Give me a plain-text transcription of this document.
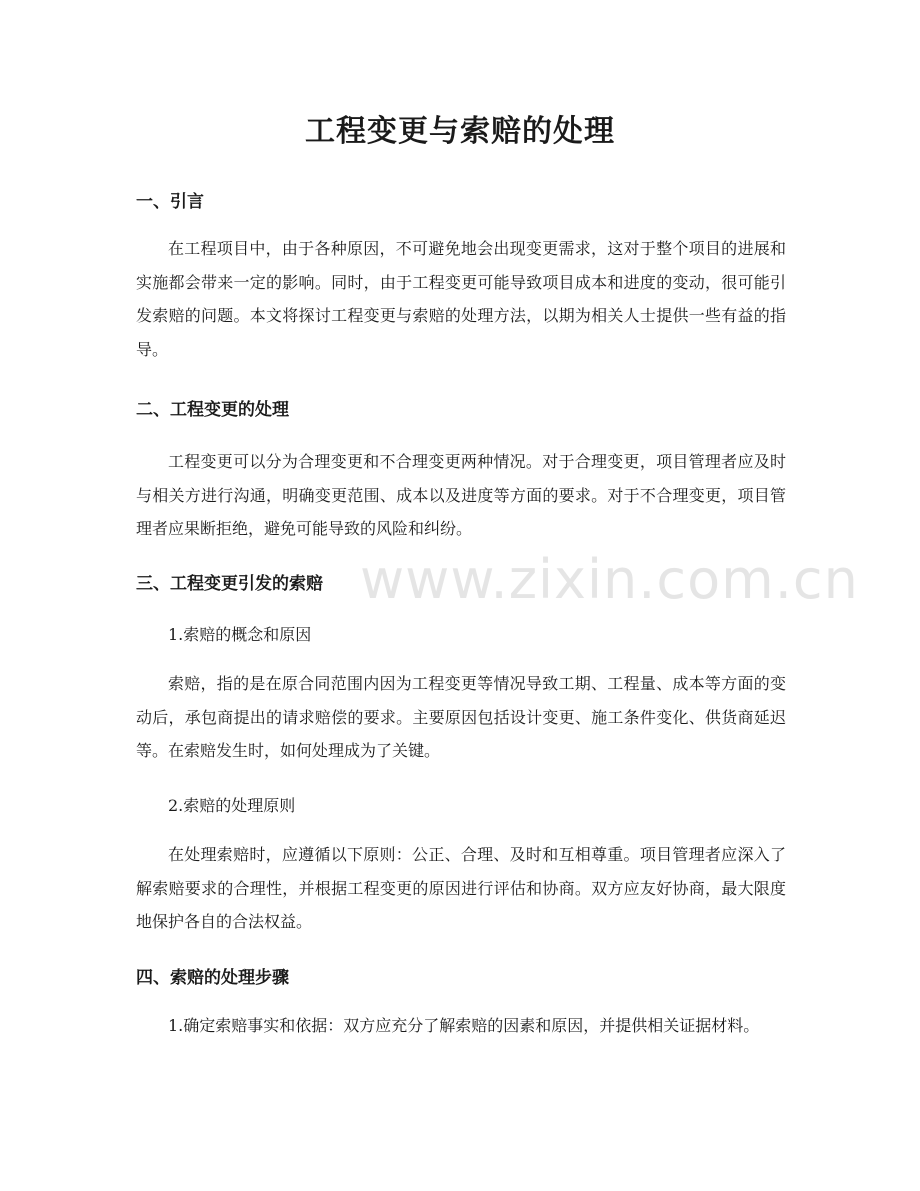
工程变更与索赔的处理
一、引言

在工程项目中，由于各种原因，不可避免地会出现变更需求，这对于整个项目的进展和实施都会带来一定的影响。同时，由于工程变更可能导致项目成本和进度的变动，很可能引发索赔的问题。本文将探讨工程变更与索赔的处理方法，以期为相关人士提供一些有益的指导。

二、工程变更的处理

工程变更可以分为合理变更和不合理变更两种情况。对于合理变更，项目管理者应及时与相关方进行沟通，明确变更范围、成本以及进度等方面的要求。对于不合理变更，项目管理者应果断拒绝，避免可能导致的风险和纠纷。

三、工程变更引发的索赔

1.索赔的概念和原因

索赔，指的是在原合同范围内因为工程变更等情况导致工期、工程量、成本等方面的变动后，承包商提出的请求赔偿的要求。主要原因包括设计变更、施工条件变化、供货商延迟等。在索赔发生时，如何处理成为了关键。

2.索赔的处理原则

在处理索赔时，应遵循以下原则：公正、合理、及时和互相尊重。项目管理者应深入了解索赔要求的合理性，并根据工程变更的原因进行评估和协商。双方应友好协商，最大限度地保护各自的合法权益。

四、索赔的处理步骤

1.确定索赔事实和依据：双方应充分了解索赔的因素和原因，并提供相关证据材料。

www.zixin.com.cn
